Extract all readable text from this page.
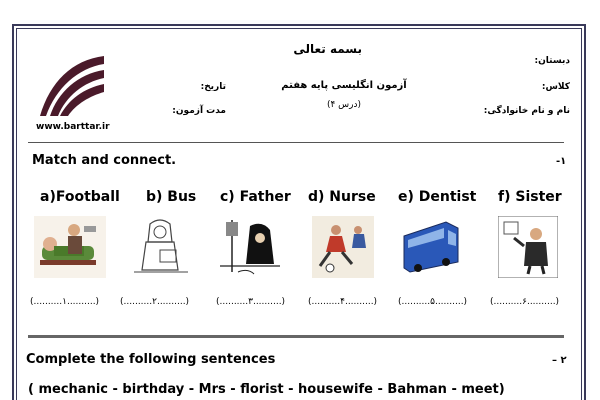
www.barttar.ir
بسمه تعالی
دبستان:
کلاس:
نام و نام خانوادگی:
آزمون انگلیسی پایه هفتم
(درس ۴)
تاریخ:
مدت آزمون:
Match and connect.	-۱
a)Football b) Bus c) Father d) Nurse e) Dentist f) Sister
(..........۱..........) (..........۲..........)	(..........۳..........)	(..........۴..........) (..........۵..........)	(..........۶..........)
Complete the following sentences	– ۲
( mechanic - birthday - Mrs - florist - housewife - Bahman - meet)
